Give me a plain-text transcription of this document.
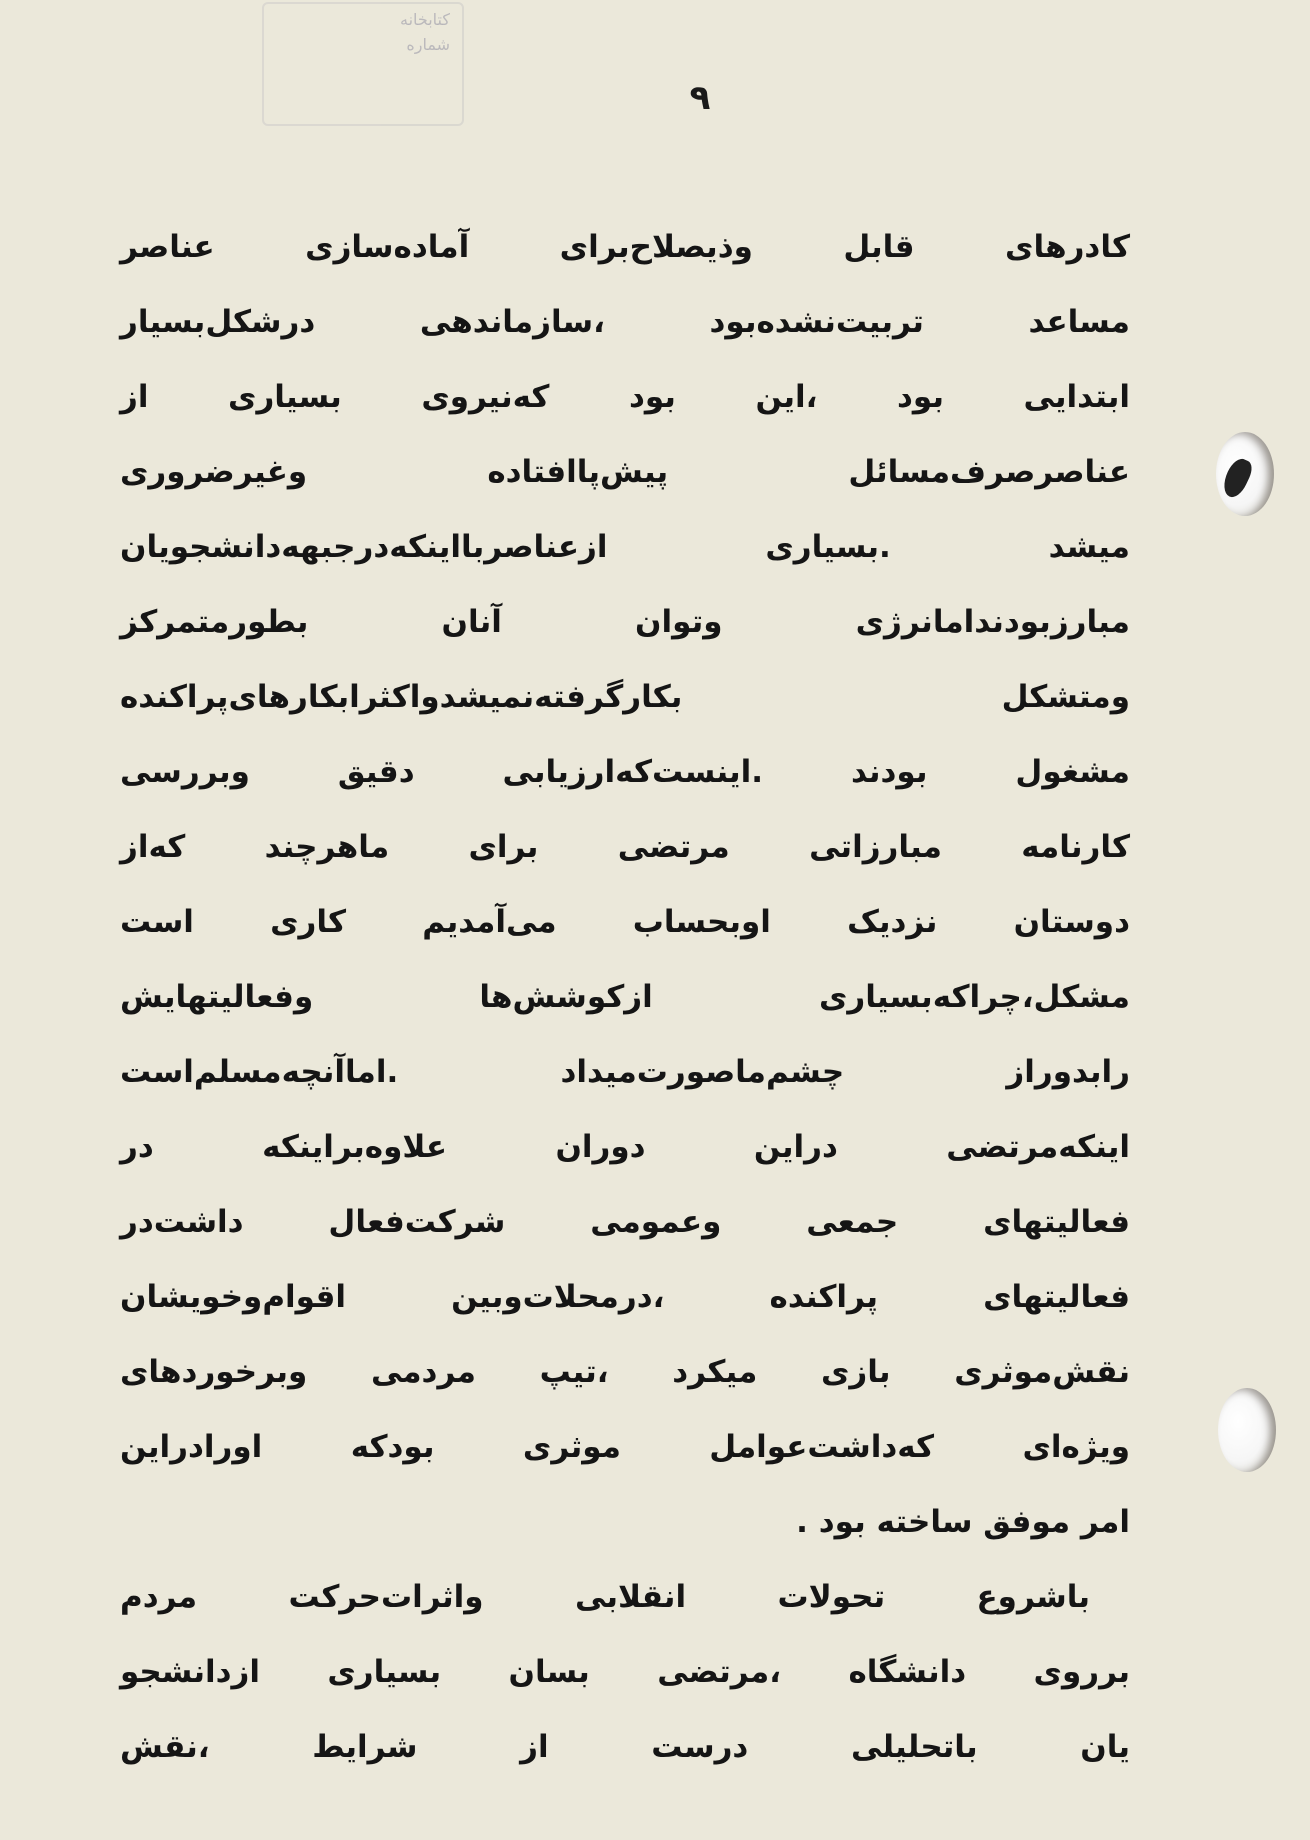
کتابخانه
شماره
۹
کادرهای قابل وذیصلاح‌برای آماده‌سازی عناصر
مساعد تربیت‌نشده‌بود ،سازماندهی درشکل‌بسیار
ابتدایی بود ،این بود که‌نیروی بسیاری از
عناصرصرف‌مسائل پیش‌پاافتاده وغیرضروری
میشد .بسیاری ازعناصربااینکه‌درجبهه‌دانشجویان
مبارزبودندامانرژی وتوان آنان بطورمتمرکز
ومتشکل بکارگرفته‌نمیشدواکثرابکارهای‌پراکنده
مشغول بودند .اینست‌که‌ارزیابی دقیق وبررسی
کارنامه مبارزاتی مرتضی برای ماهرچند که‌از
دوستان نزدیک اوبحساب می‌آمدیم کاری است
مشکل،چراکه‌بسیاری ازکوشش‌ها وفعالیتهایش
رابدوراز چشم‌ماصورت‌میداد .اماآنچه‌مسلم‌است
اینکه‌مرتضی دراین دوران علاوه‌براینکه در
فعالیتهای جمعی وعمومی شرکت‌فعال داشت‌در
فعالیتهای پراکنده ،درمحلات‌وبین اقوام‌وخویشان
نقش‌موثری بازی میکرد ،تیپ مردمی وبرخوردهای
ویژه‌ای که‌داشت‌عوامل موثری بودکه اورادراین
امر موفق ساخته بود .
باشروع تحولات انقلابی واثرات‌حرکت مردم
برروی دانشگاه ،مرتضی بسان بسیاری ازدانشجو
یان باتحلیلی درست از شرایط ،نقش
